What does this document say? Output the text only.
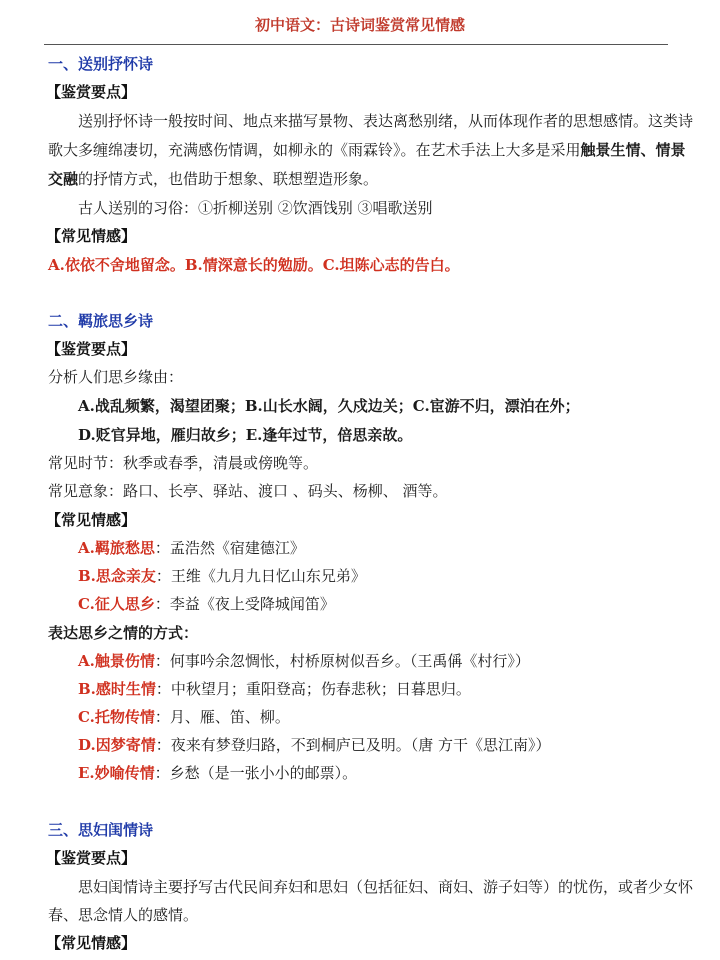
初中语文：古诗词鉴赏常见情感
一、送别抒怀诗
【鉴赏要点】
送别抒怀诗一般按时间、地点来描写景物、表达离愁别绪，从而体现作者的思想感情。这类诗
歌大多缠绵凄切，充满感伤情调，如柳永的《雨霖铃》。在艺术手法上大多是采用触景生情、情景
交融的抒情方式，也借助于想象、联想塑造形象。
古人送别的习俗：①折柳送别 ②饮酒饯别 ③唱歌送别
【常见情感】
A.依依不舍地留念。B.情深意长的勉励。C.坦陈心志的告白。
二、羁旅思乡诗
【鉴赏要点】
分析人们思乡缘由：
A.战乱频繁，渴望团聚；B.山长水阔，久戍边关；C.宦游不归，漂泊在外；
D.贬官异地，雁归故乡；E.逢年过节，倍思亲故。
常见时节：秋季或春季，清晨或傍晚等。
常见意象：路口、长亭、驿站、渡口 、码头、杨柳、 酒等。
【常见情感】
A.羁旅愁思：孟浩然《宿建德江》
B.思念亲友：王维《九月九日忆山东兄弟》
C.征人思乡：李益《夜上受降城闻笛》
表达思乡之情的方式：
A.触景伤情：何事吟余忽惆怅，村桥原树似吾乡。（王禹偁《村行》）
B.感时生情：中秋望月；重阳登高；伤春悲秋；日暮思归。
C.托物传情：月、雁、笛、柳。
D.因梦寄情：夜来有梦登归路，不到桐庐已及明。（唐 方干《思江南》）
E.妙喻传情：乡愁（是一张小小的邮票）。
三、思妇闺情诗
【鉴赏要点】
思妇闺情诗主要抒写古代民间弃妇和思妇（包括征妇、商妇、游子妇等）的忧伤，或者少女怀
春、思念情人的感情。
【常见情感】
